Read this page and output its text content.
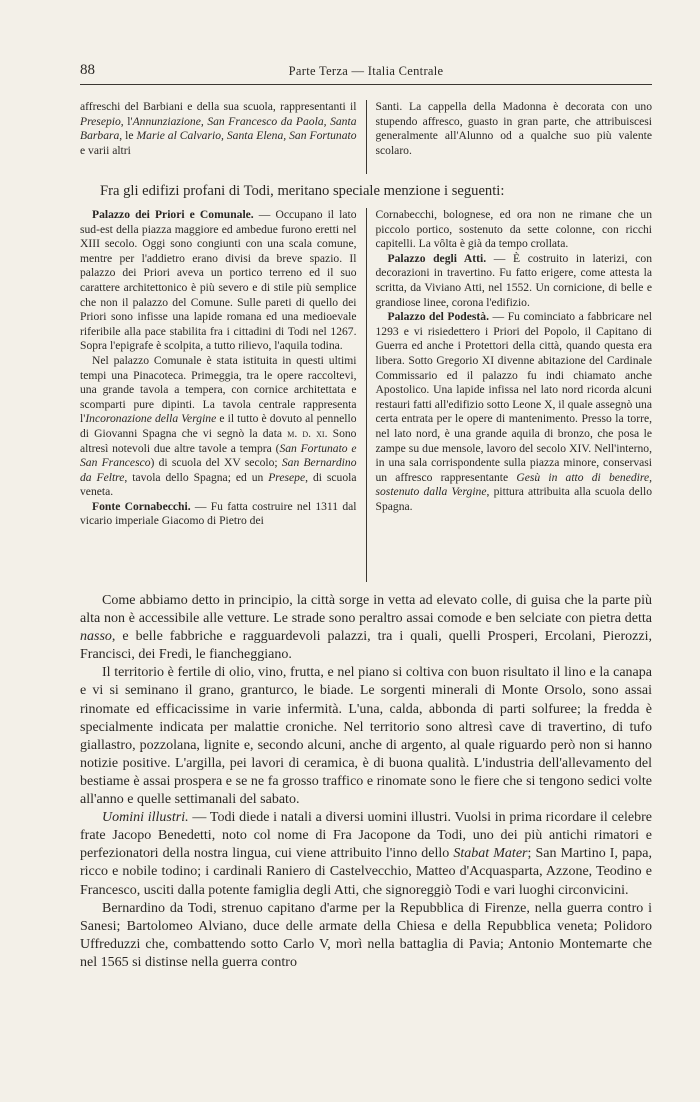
88	Parte Terza — Italia Centrale

affreschi del Barbiani e della sua scuola, rappresentanti il Presepio, l'Annunziazione, San Francesco da Paola, Santa Barbara, le Marie al Calvario, Santa Elena, San Fortunato e varii altri

Santi. La cappella della Madonna è decorata con uno stupendo affresco, guasto in gran parte, che attribuiscesi generalmente all'Alunno od a qualche suo più valente scolaro.

Fra gli edifizi profani di Todi, meritano speciale menzione i seguenti:

Palazzo dei Priori e Comunale. — Occupano il lato sud-est della piazza maggiore ed ambedue furono eretti nel XIII secolo. Oggi sono congiunti con una scala comune, mentre per l'addietro erano divisi da breve spazio. Il palazzo dei Priori aveva un portico terreno ed il suo carattere architettonico è più severo e di stile più semplice che non il palazzo del Comune. Sulle pareti di quello dei Priori sono infisse una lapide romana ed una medioevale riferibile alla pace stabilita fra i cittadini di Todi nel 1267. Sopra l'epigrafe è scolpita, a tutto rilievo, l'aquila todina.

Nel palazzo Comunale è stata istituita in questi ultimi tempi una Pinacoteca. Primeggia, tra le opere raccoltevi, una grande tavola a tempera, con cornice architettata e scomparti pure dipinti. La tavola centrale rappresenta l'Incoronazione della Vergine e il tutto è dovuto al pennello di Giovanni Spagna che vi segnò la data m. d. xi. Sono altresì notevoli due altre tavole a tempra (San Fortunato e San Francesco) di scuola del XV secolo; San Bernardino da Feltre, tavola dello Spagna; ed un Presepe, di scuola veneta.

Fonte Cornabecchi. — Fu fatta costruire nel 1311 dal vicario imperiale Giacomo di Pietro dei

Cornabecchi, bolognese, ed ora non ne rimane che un piccolo portico, sostenuto da sette colonne, con ricchi capitelli. La vôlta è già da tempo crollata.

Palazzo degli Atti. — È costruito in laterizi, con decorazioni in travertino. Fu fatto erigere, come attesta la scritta, da Viviano Atti, nel 1552. Un cornicione, di belle e grandiose linee, corona l'edifizio.

Palazzo del Podestà. — Fu cominciato a fabbricare nel 1293 e vi risiedettero i Priori del Popolo, il Capitano di Guerra ed anche i Protettori della città, quando questa era libera. Sotto Gregorio XI divenne abitazione del Cardinale Commissario ed il palazzo fu indi chiamato anche Apostolico. Una lapide infissa nel lato nord ricorda alcuni restauri fatti all'edifizio sotto Leone X, il quale assegnò una certa entrata per le opere di mantenimento. Presso la torre, nel lato nord, è una grande aquila di bronzo, che posa le zampe su due mensole, lavoro del secolo XIV. Nell'interno, in una sala corrispondente sulla piazza minore, conservasi un affresco rappresentante Gesù in atto di benedire, sostenuto dalla Vergine, pittura attribuita alla scuola dello Spagna.

Come abbiamo detto in principio, la città sorge in vetta ad elevato colle, di guisa che la parte più alta non è accessibile alle vetture. Le strade sono peraltro assai comode e ben selciate con pietra detta nasso, e belle fabbriche e ragguardevoli palazzi, tra i quali, quelli Prosperi, Ercolani, Pierozzi, Francisci, dei Fredi, le fiancheggiano.

Il territorio è fertile di olio, vino, frutta, e nel piano si coltiva con buon risultato il lino e la canapa e vi si seminano il grano, granturco, le biade. Le sorgenti minerali di Monte Orsolo, sono assai rinomate ed efficacissime in varie infermità. L'una, calda, abbonda di parti solfuree; la fredda è specialmente indicata per malattie croniche. Nel territorio sono altresì cave di travertino, di tufo giallastro, pozzolana, lignite e, secondo alcuni, anche di argento, al quale riguardo però non si hanno notizie positive. L'argilla, pei lavori di ceramica, è di buona qualità. L'industria dell'allevamento del bestiame è assai prospera e se ne fa grosso traffico e rinomate sono le fiere che si tengono sedici volte all'anno e quelle settimanali del sabato.

Uomini illustri. — Todi diede i natali a diversi uomini illustri. Vuolsi in prima ricordare il celebre frate Jacopo Benedetti, noto col nome di Fra Jacopone da Todi, uno dei più antichi rimatori e perfezionatori della nostra lingua, cui viene attribuito l'inno dello Stabat Mater; San Martino I, papa, ricco e nobile todino; i cardinali Raniero di Castelvecchio, Matteo d'Acquasparta, Azzone, Teodino e Francesco, usciti dalla potente famiglia degli Atti, che signoreggiò Todi e vari luoghi circonvicini.

Bernardino da Todi, strenuo capitano d'arme per la Repubblica di Firenze, nella guerra contro i Sanesi; Bartolomeo Alviano, duce delle armate della Chiesa e della Repubblica veneta; Polidoro Uffreduzzi che, combattendo sotto Carlo V, morì nella battaglia di Pavia; Antonio Montemarte che nel 1565 si distinse nella guerra contro
